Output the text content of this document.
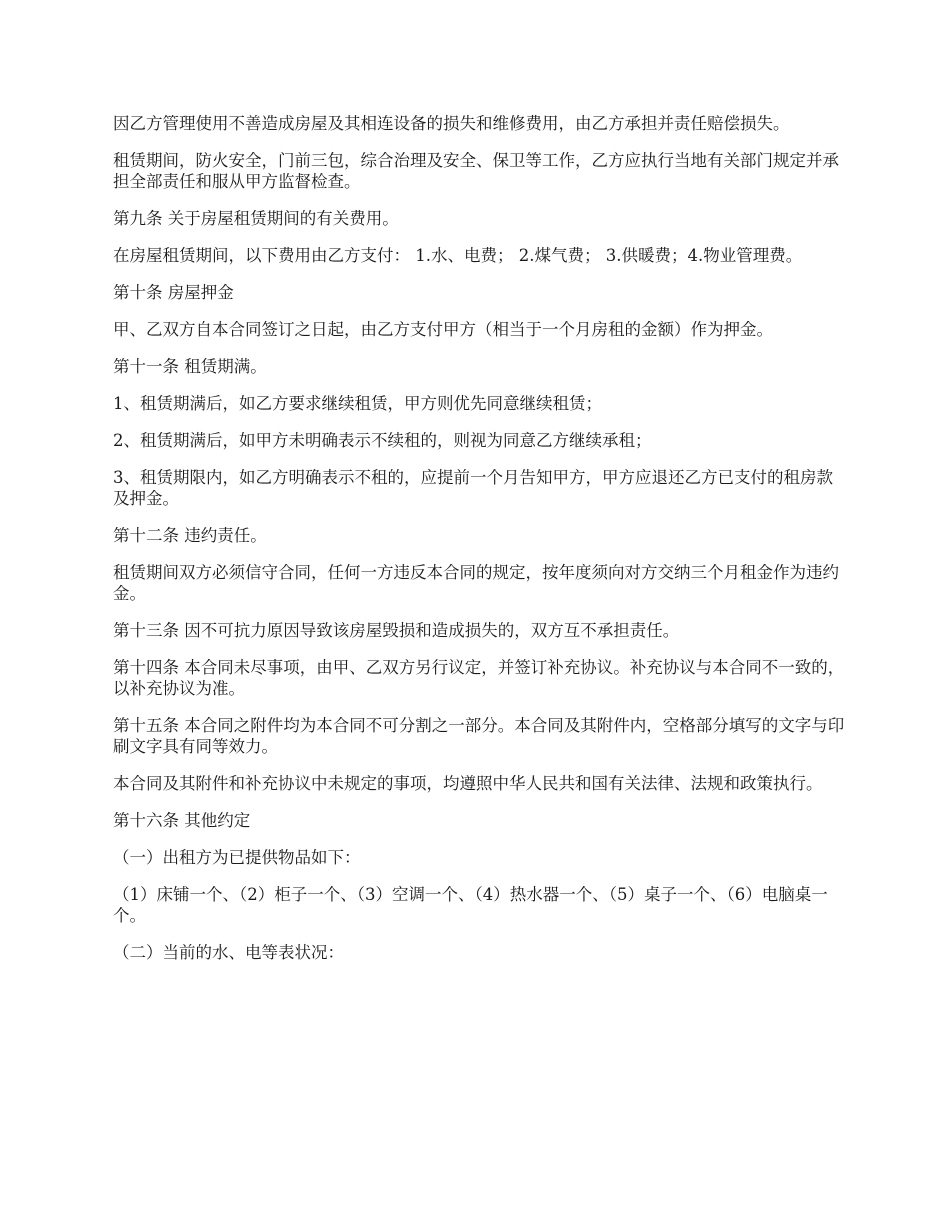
因乙方管理使用不善造成房屋及其相连设备的损失和维修费用，由乙方承担并责任赔偿损失。

租赁期间，防火安全，门前三包，综合治理及安全、保卫等工作，乙方应执行当地有关部门规定并承担全部责任和服从甲方监督检查。

第九条 关于房屋租赁期间的有关费用。

在房屋租赁期间，以下费用由乙方支付： 1.水、电费； 2.煤气费； 3.供暖费；4.物业管理费。

第十条 房屋押金

甲、乙双方自本合同签订之日起，由乙方支付甲方（相当于一个月房租的金额）作为押金。

第十一条 租赁期满。

1、租赁期满后，如乙方要求继续租赁，甲方则优先同意继续租赁；

2、租赁期满后，如甲方未明确表示不续租的，则视为同意乙方继续承租；

3、租赁期限内，如乙方明确表示不租的，应提前一个月告知甲方，甲方应退还乙方已支付的租房款及押金。

第十二条 违约责任。

租赁期间双方必须信守合同，任何一方违反本合同的规定，按年度须向对方交纳三个月租金作为违约金。

第十三条 因不可抗力原因导致该房屋毁损和造成损失的，双方互不承担责任。

第十四条 本合同未尽事项，由甲、乙双方另行议定，并签订补充协议。补充协议与本合同不一致的，以补充协议为准。

第十五条 本合同之附件均为本合同不可分割之一部分。本合同及其附件内，空格部分填写的文字与印刷文字具有同等效力。

本合同及其附件和补充协议中未规定的事项，均遵照中华人民共和国有关法律、法规和政策执行。

第十六条 其他约定

（一）出租方为已提供物品如下：

（1）床铺一个、（2）柜子一个、（3）空调一个、（4）热水器一个、（5）桌子一个、（6）电脑桌一个。

（二）当前的水、电等表状况：
